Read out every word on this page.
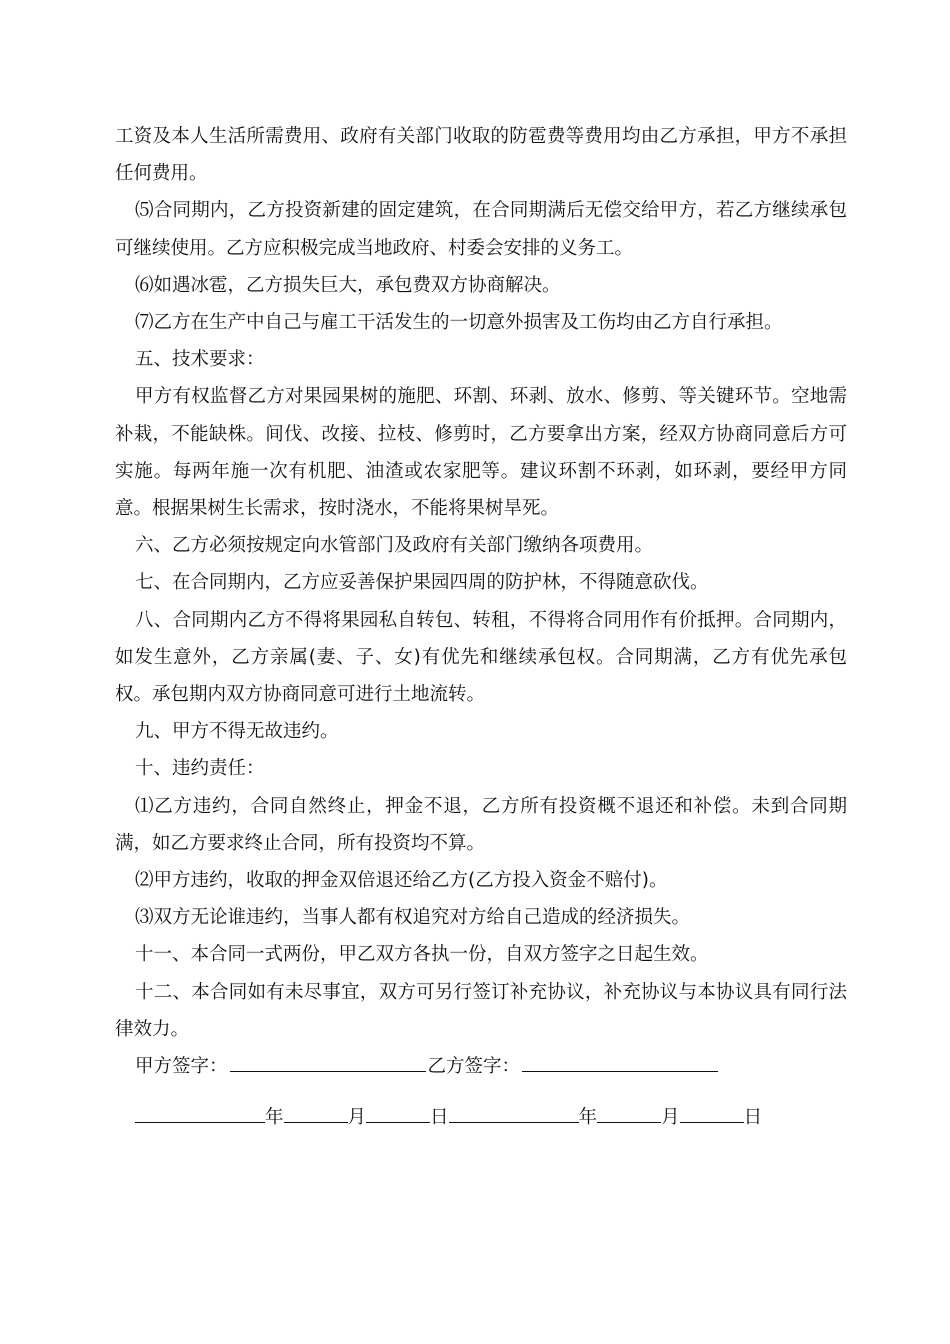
工资及本人生活所需费用、政府有关部门收取的防雹费等费用均由乙方承担，甲方不承担任何费用。

⑸合同期内，乙方投资新建的固定建筑，在合同期满后无偿交给甲方，若乙方继续承包可继续使用。乙方应积极完成当地政府、村委会安排的义务工。

⑹如遇冰雹，乙方损失巨大，承包费双方协商解决。

⑺乙方在生产中自己与雇工干活发生的一切意外损害及工伤均由乙方自行承担。

五、技术要求：

甲方有权监督乙方对果园果树的施肥、环割、环剥、放水、修剪、等关键环节。空地需补栽，不能缺株。间伐、改接、拉枝、修剪时，乙方要拿出方案，经双方协商同意后方可实施。每两年施一次有机肥、油渣或农家肥等。建议环割不环剥，如环剥，要经甲方同意。根据果树生长需求，按时浇水，不能将果树旱死。

六、乙方必须按规定向水管部门及政府有关部门缴纳各项费用。

七、在合同期内，乙方应妥善保护果园四周的防护林，不得随意砍伐。

八、合同期内乙方不得将果园私自转包、转租，不得将合同用作有价抵押。合同期内，如发生意外，乙方亲属(妻、子、女)有优先和继续承包权。合同期满，乙方有优先承包权。承包期内双方协商同意可进行土地流转。

九、甲方不得无故违约。

十、违约责任：

⑴乙方违约，合同自然终止，押金不退，乙方所有投资概不退还和补偿。未到合同期满，如乙方要求终止合同，所有投资均不算。

⑵甲方违约，收取的押金双倍退还给乙方(乙方投入资金不赔付)。

⑶双方无论谁违约，当事人都有权追究对方给自己造成的经济损失。

十一、本合同一式两份，甲乙双方各执一份，自双方签字之日起生效。

十二、本合同如有未尽事宜，双方可另行签订补充协议，补充协议与本协议具有同行法律效力。

甲方签字：	乙方签字：
年	月	日	年	月	日
